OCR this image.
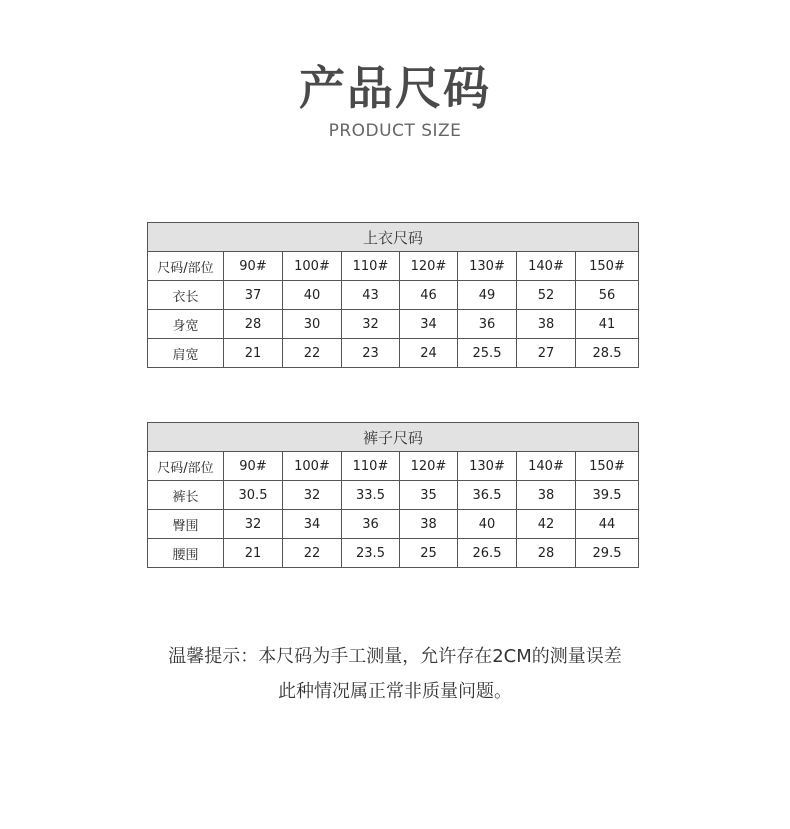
产品尺码
PRODUCT SIZE
上衣尺码							
尺码/部位	90#	100#	110#	120#	130#	140#	150#
衣长	37	40	43	46	49	52	56
身宽	28	30	32	34	36	38	41
肩宽	21	22	23	24	25.5	27	28.5
裤子尺码							
尺码/部位	90#	100#	110#	120#	130#	140#	150#
裤长	30.5	32	33.5	35	36.5	38	39.5
臀围	32	34	36	38	40	42	44
腰围	21	22	23.5	25	26.5	28	29.5
温馨提示：本尺码为手工测量，允许存在2CM的测量误差
此种情况属正常非质量问题。
